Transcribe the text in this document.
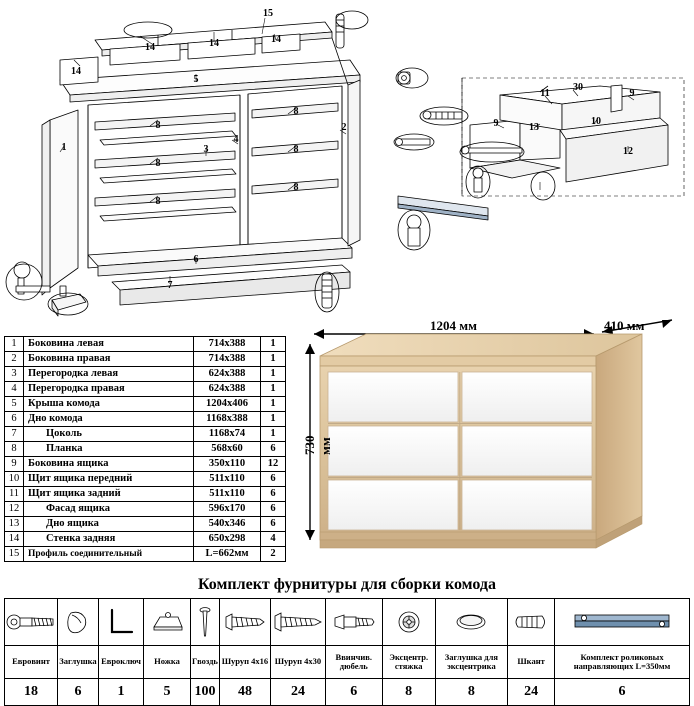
15
14
14	14	14
5
8
8
8
8
8
8
1	3
4
2
6
7
9
9
11
30
13
10
12
1	Боковина левая	714х388	1
2	Боковина правая	714х388	1
3	Перегородка левая	624х388	1
4	Перегородка правая	624х388	1
5	Крыша комода	1204х406	1
6	Дно комода	1168х388	1
7	Цоколь	1168х74	1
8	Планка	568х60	6
9	Боковина ящика	350х110	12
10	Щит ящика передний	511х110	6
11	Щит ящика задний	511х110	6
12	Фасад ящика	596х170	6
13	Дно ящика	540х346	6
14	Стенка задняя	650х298	4
15	Профиль соединительный	L=662мм	2
1204 мм	410 мм
730 мм
Комплект фурнитуры для сборки комода

Еврoвинт	Заглушка	Евроключ	Ножка	Гвоздь	Шуруп 4х16	Шуруп 4х30	Ввинчив. дюбель	Эксцентр. стяжка	Заглушка для эксцентрика	Шкант	Комплект роликовых направляющих L=350мм
18	6	1	5	100	48	24	6	8	8	24	6
